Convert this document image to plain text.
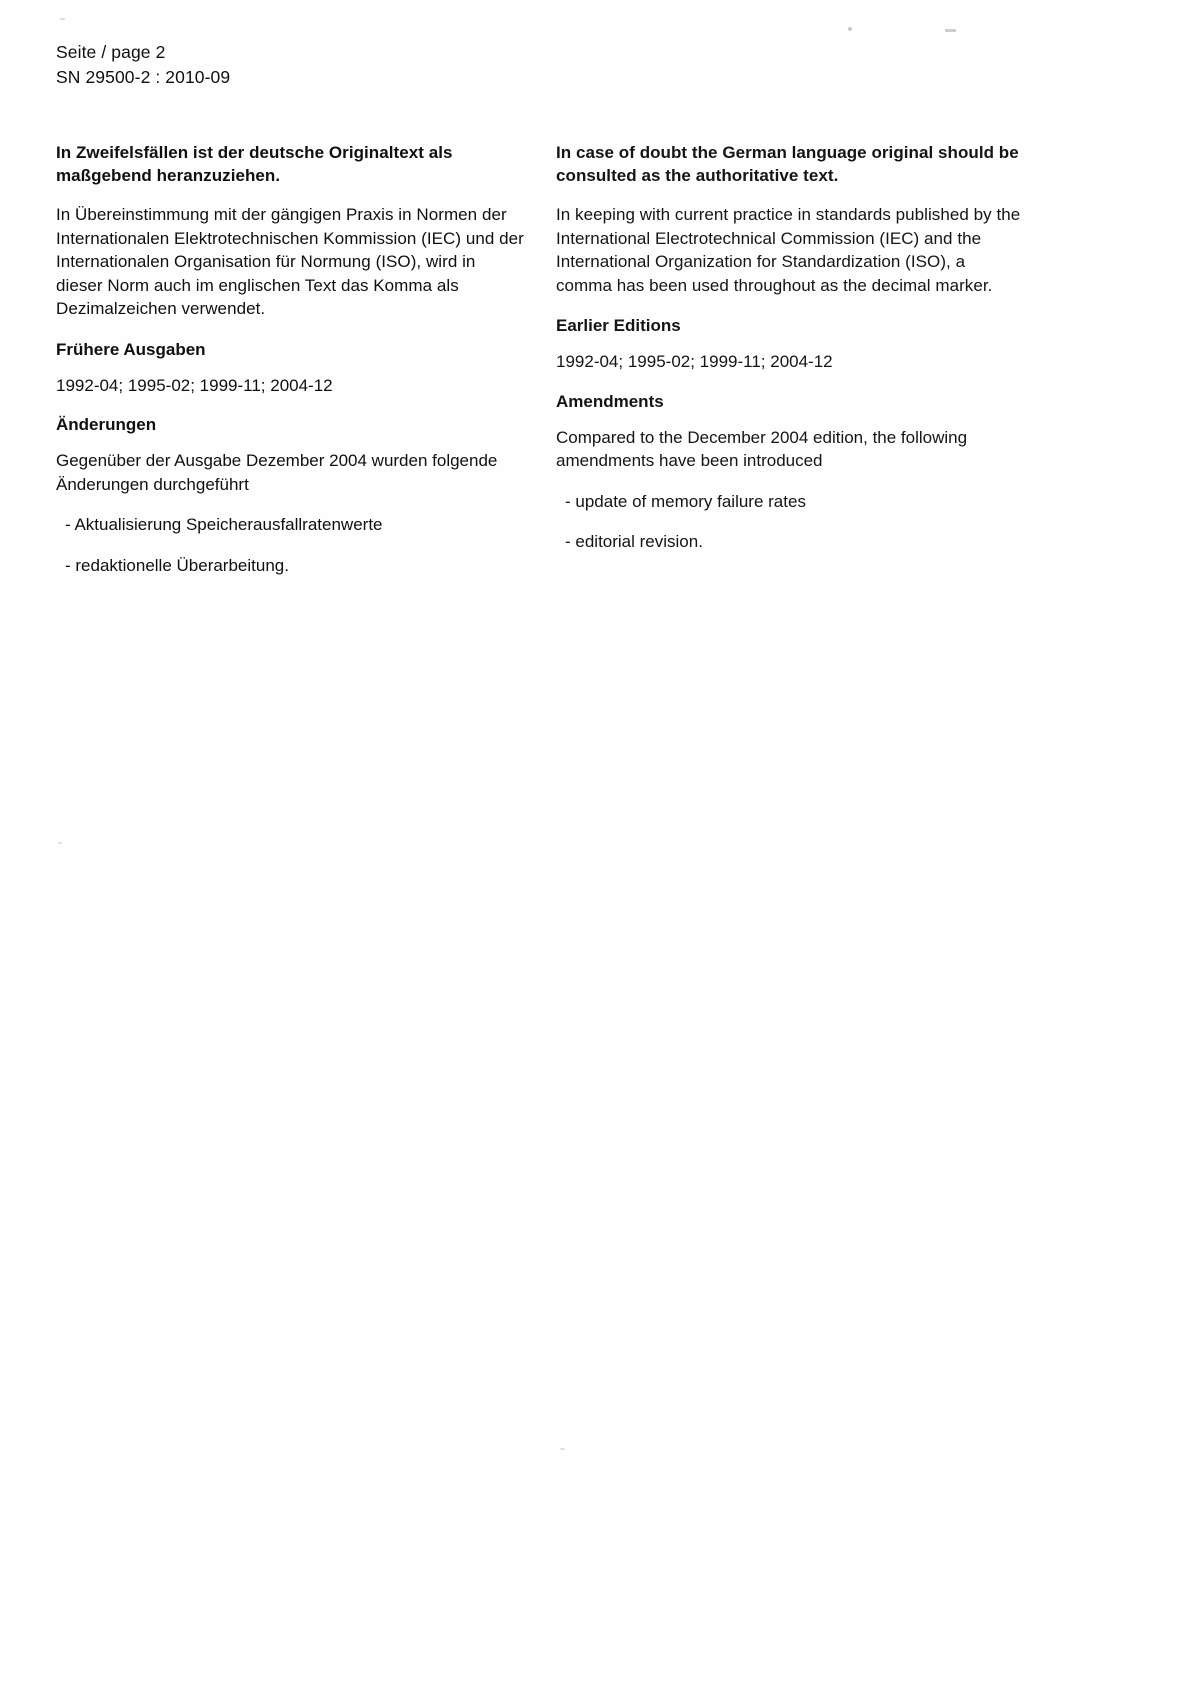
Seite / page 2
SN 29500-2 : 2010-09

In Zweifelsfällen ist der deutsche Originaltext als maßgebend heranzuziehen.

In Übereinstimmung mit der gängigen Praxis in Normen der Internationalen Elektrotechnischen Kommission (IEC) und der Internationalen Organisation für Normung (ISO), wird in dieser Norm auch im englischen Text das Komma als Dezimalzeichen verwendet.

Frühere Ausgaben

1992-04; 1995-02; 1999-11; 2004-12

Änderungen

Gegenüber der Ausgabe Dezember 2004 wurden folgende Änderungen durchgeführt

- Aktualisierung Speicherausfallratenwerte

- redaktionelle Überarbeitung.

In case of doubt the German language original should be consulted as the authoritative text.

In keeping with current practice in standards published by the International Electrotechnical Commission (IEC) and the International Organization for Standardization (ISO), a comma has been used throughout as the decimal marker.

Earlier Editions

1992-04; 1995-02; 1999-11; 2004-12

Amendments

Compared to the December 2004 edition, the following amendments have been introduced

- update of memory failure rates

- editorial revision.
